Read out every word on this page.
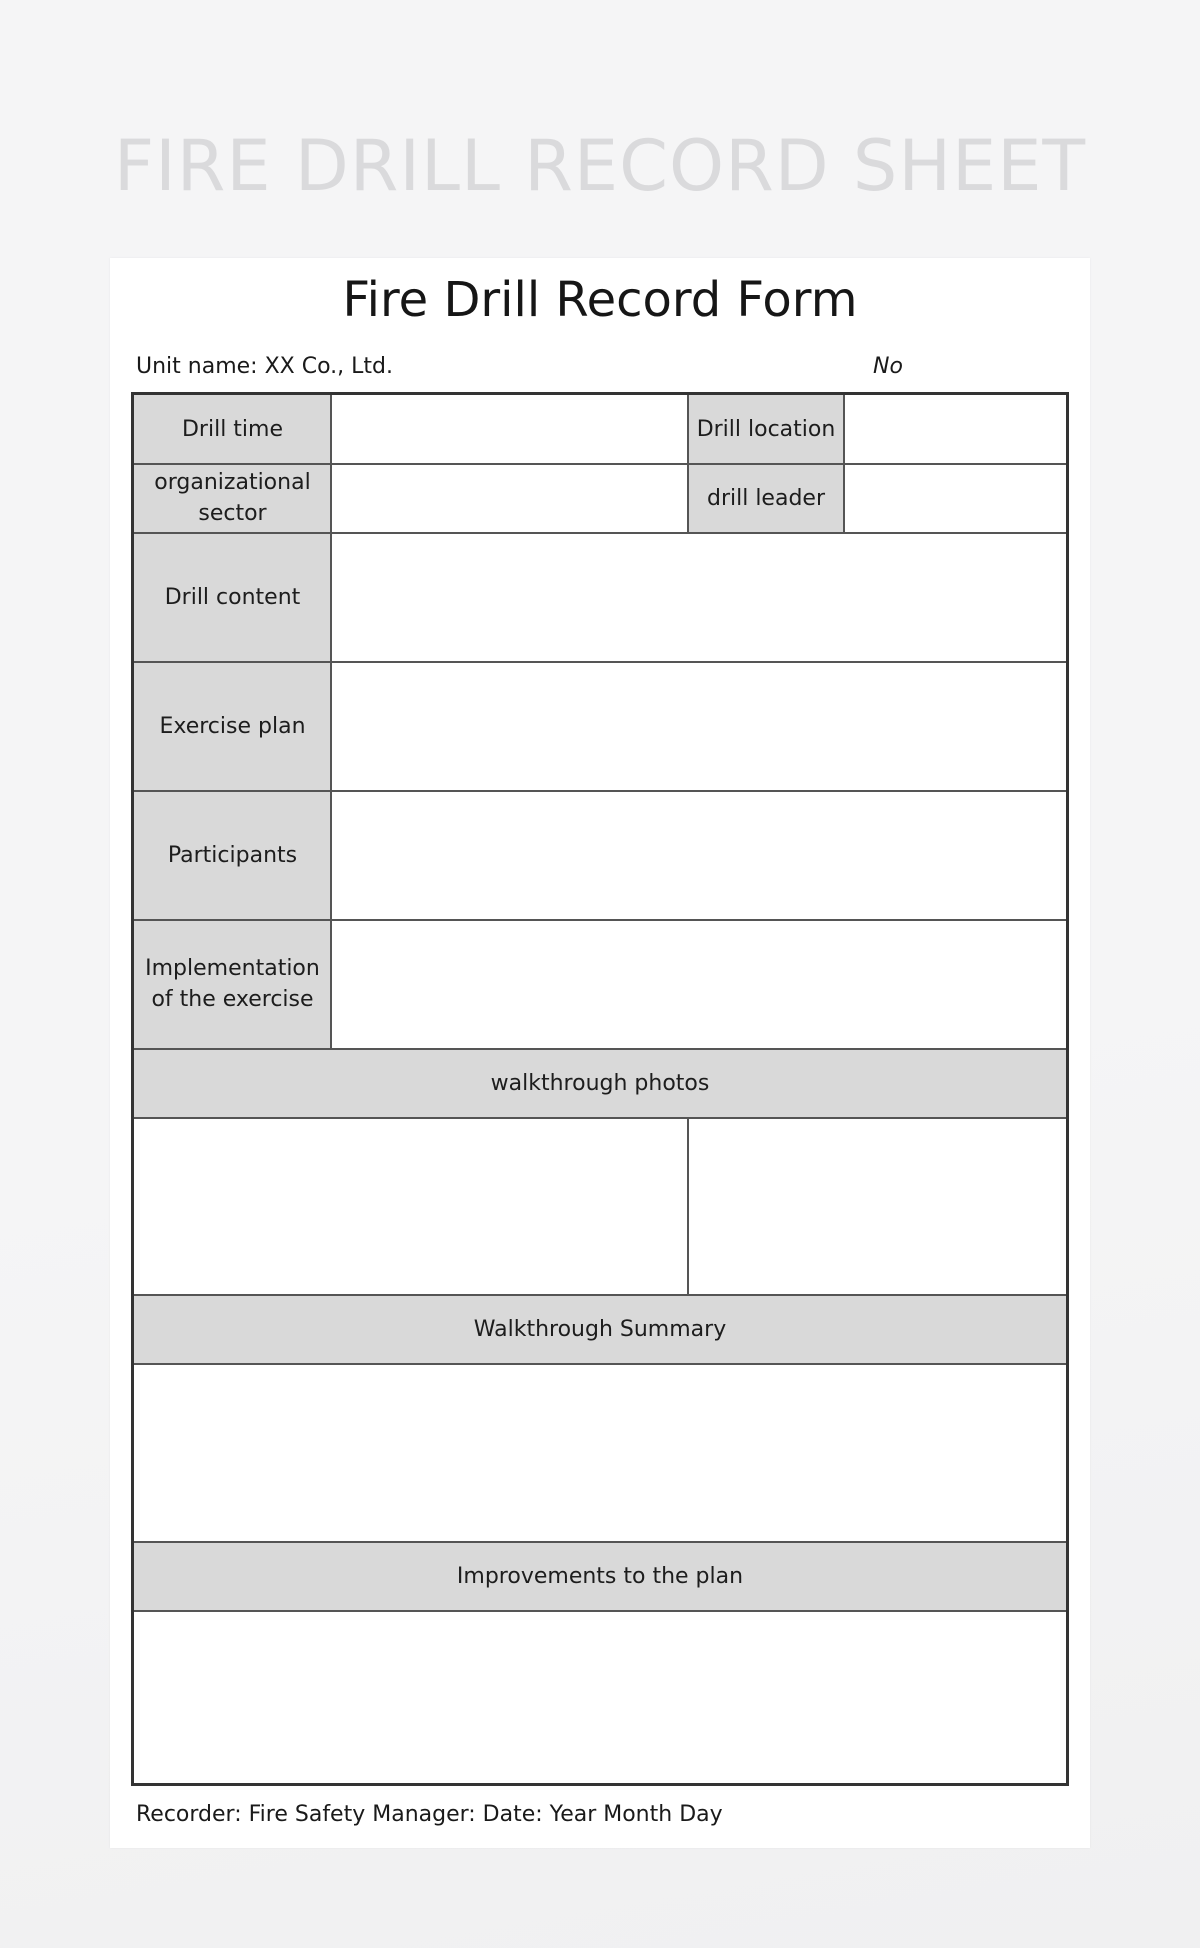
FIRE DRILL RECORD SHEET
Fire Drill Record Form
Unit name: XX Co., Ltd.	No
Drill time	Drill location
organizational sector
drill leader
Drill content
Exercise plan
Participants
Implementation of the exercise
walkthrough photos
Walkthrough Summary
Improvements to the plan
Recorder: Fire Safety Manager: Date: Year Month Day
